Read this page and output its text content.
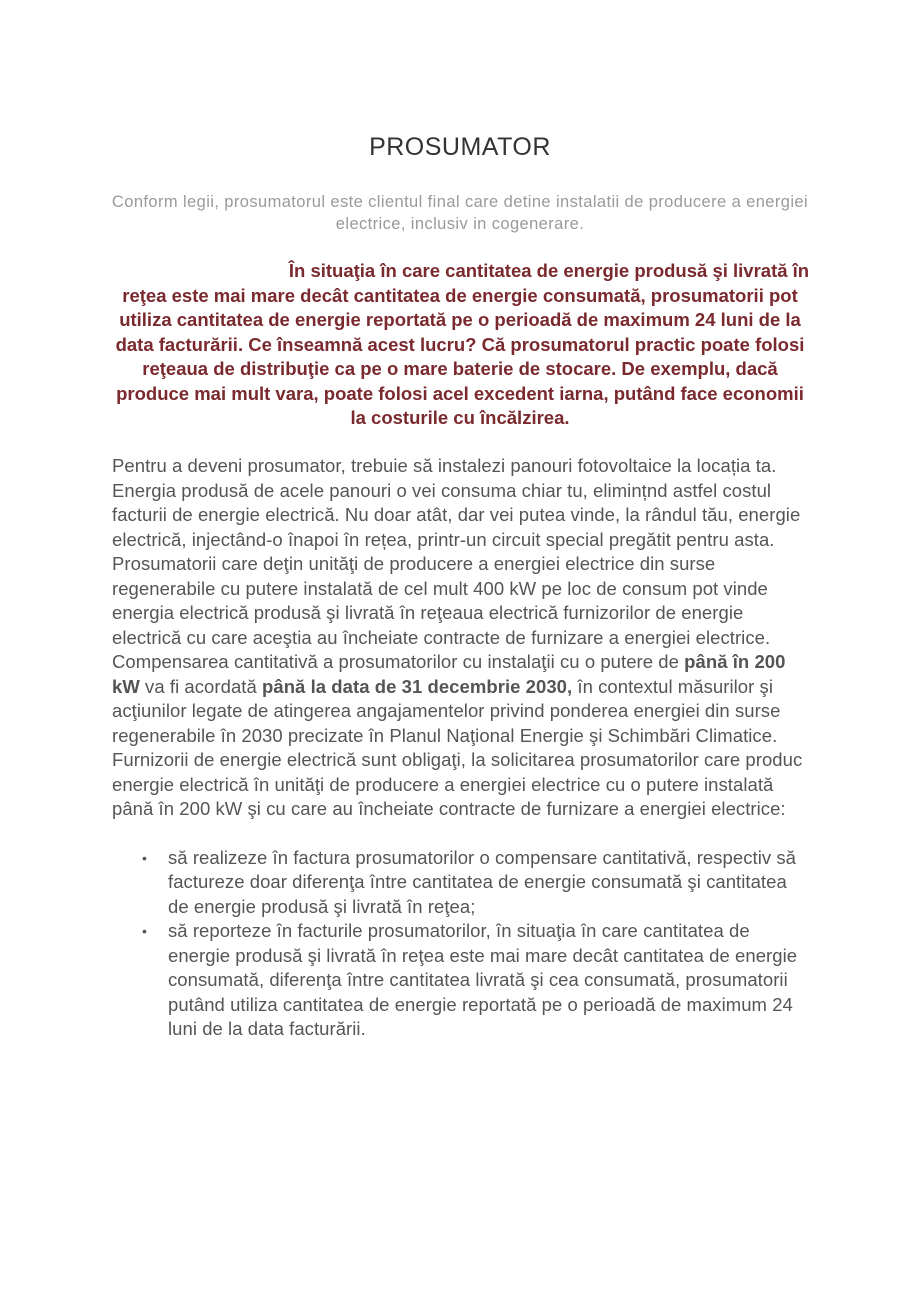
PROSUMATOR

Conform legii, prosumatorul este clientul final care detine instalatii de producere a energiei electrice, inclusiv in cogenerare.

În situaţia în care cantitatea de energie produsă şi livrată în reţea este mai mare decât cantitatea de energie consumată, prosumatorii pot utiliza cantitatea de energie reportată pe o perioadă de maximum 24 luni de la data facturării. Ce înseamnă acest lucru? Că prosumatorul practic poate folosi reţeaua de distribuţie ca pe o mare baterie de stocare. De exemplu, dacă produce mai mult vara, poate folosi acel excedent iarna, putând face economii la costurile cu încălzirea.

Pentru a deveni prosumator, trebuie să instalezi panouri fotovoltaice la locația ta. Energia produsă de acele panouri o vei consuma chiar tu, elimințnd astfel costul facturii de energie electrică. Nu doar atât, dar vei putea vinde, la rândul tău, energie electrică, injectând-o înapoi în rețea, printr-un circuit special pregătit pentru asta.

Prosumatorii care deţin unităţi de producere a energiei electrice din surse regenerabile cu putere instalată de cel mult 400 kW pe loc de consum pot vinde energia electrică produsă şi livrată în reţeaua electrică furnizorilor de energie electrică cu care aceştia au încheiate contracte de furnizare a energiei electrice.

Compensarea cantitativă a prosumatorilor cu instalaţii cu o putere de până în 200 kW va fi acordată până la data de 31 decembrie 2030, în contextul măsurilor şi acţiunilor legate de atingerea angajamentelor privind ponderea energiei din surse regenerabile în 2030 precizate în Planul Naţional Energie şi Schimbări Climatice.

Furnizorii de energie electrică sunt obligaţi, la solicitarea prosumatorilor care produc energie electrică în unităţi de producere a energiei electrice cu o putere instalată până în 200 kW şi cu care au încheiate contracte de furnizare a energiei electrice:

• să realizeze în factura prosumatorilor o compensare cantitativă, respectiv să factureze doar diferenţa între cantitatea de energie consumată şi cantitatea de energie produsă şi livrată în reţea;
• să reporteze în facturile prosumatorilor, în situaţia în care cantitatea de energie produsă şi livrată în reţea este mai mare decât cantitatea de energie consumată, diferenţa între cantitatea livrată şi cea consumată, prosumatorii putând utiliza cantitatea de energie reportată pe o perioadă de maximum 24 luni de la data facturării.
